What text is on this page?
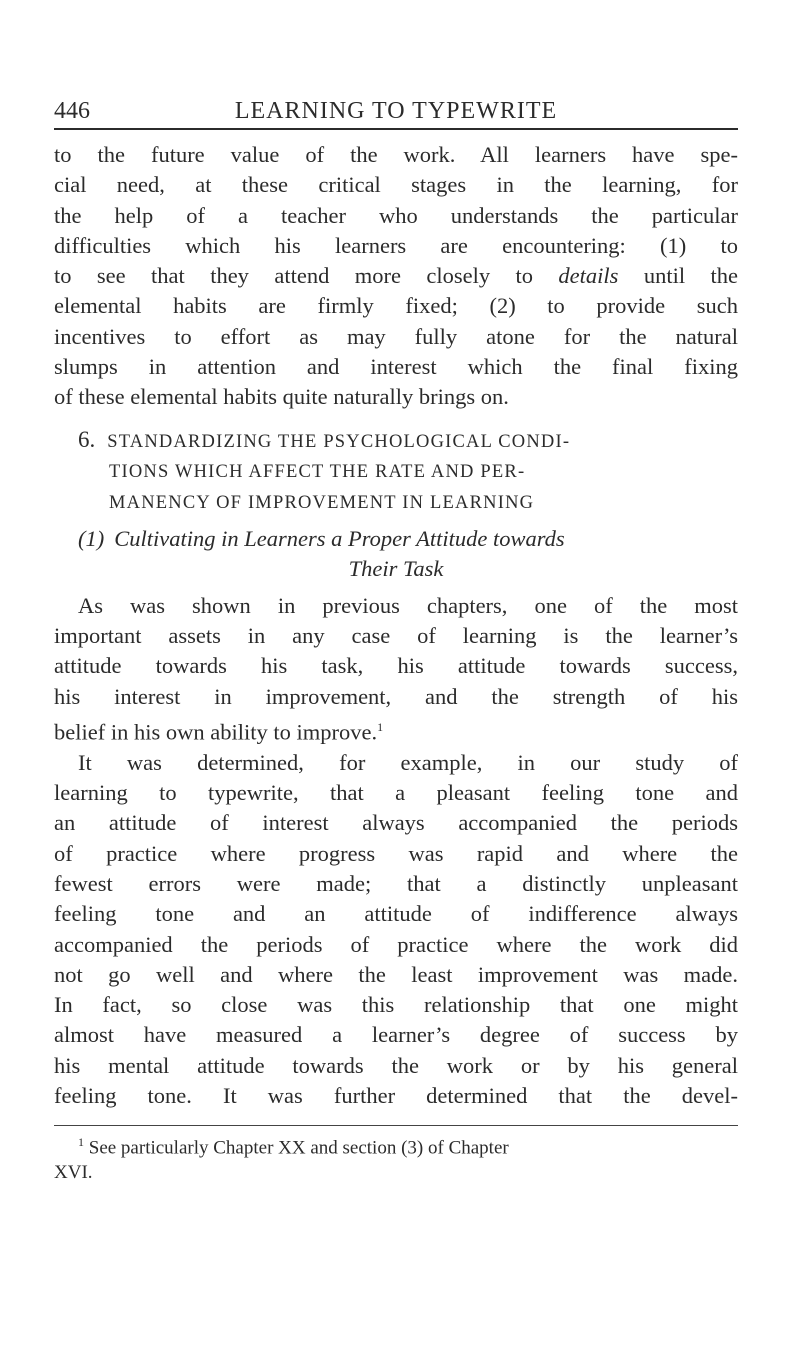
446	LEARNING TO TYPEWRITE
to the future value of the work. All learners have spe-
cial need, at these critical stages in the learning, for
the help of a teacher who understands the particular
difficulties which his learners are encountering: (1) to
to see that they attend more closely to details until the
elemental habits are firmly fixed; (2) to provide such
incentives to effort as may fully atone for the natural
slumps in attention and interest which the final fixing
of these elemental habits quite naturally brings on.
6. STANDARDIZING THE PSYCHOLOGICAL CONDI-
TIONS WHICH AFFECT THE RATE AND PER-
MANENCY OF IMPROVEMENT IN LEARNING
(1) Cultivating in Learners a Proper Attitude towards
Their Task
As was shown in previous chapters, one of the most
important assets in any case of learning is the learner’s
attitude towards his task, his attitude towards success,
his interest in improvement, and the strength of his
belief in his own ability to improve.$^1$
It was determined, for example, in our study of
learning to typewrite, that a pleasant feeling tone and
an attitude of interest always accompanied the periods
of practice where progress was rapid and where the
fewest errors were made; that a distinctly unpleasant
feeling tone and an attitude of indifference always
accompanied the periods of practice where the work did
not go well and where the least improvement was made.
In fact, so close was this relationship that one might
almost have measured a learner’s degree of success by
his mental attitude towards the work or by his general
feeling tone. It was further determined that the devel-
$^1$ See particularly Chapter XX and section (3) of Chapter
XVI.
